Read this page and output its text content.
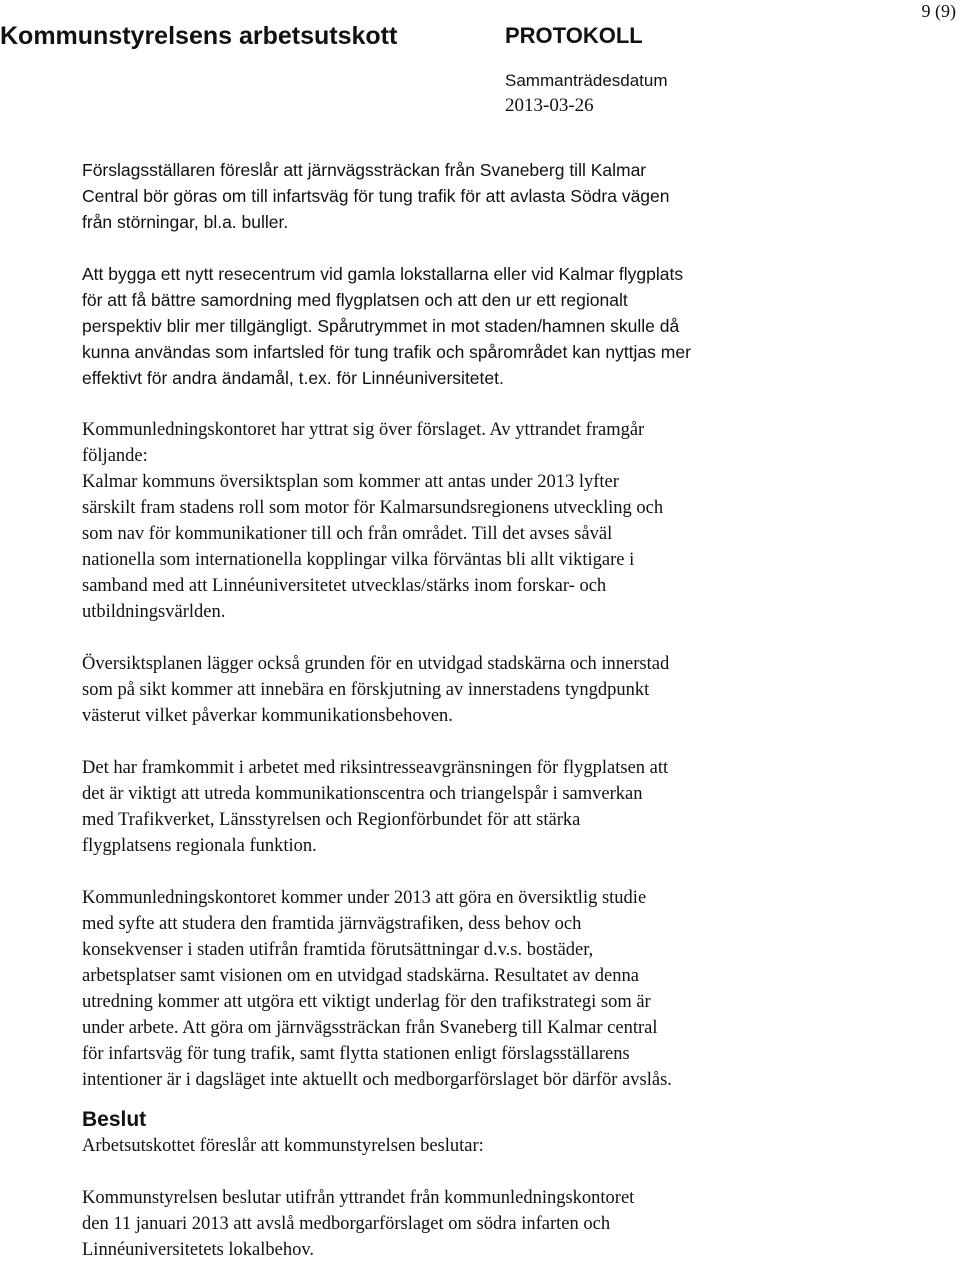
9 (9)
Kommunstyrelsens arbetsutskott	PROTOKOLL
Sammanträdesdatum
2013-03-26

Förslagsställaren föreslår att järnvägssträckan från Svaneberg till Kalmar
Central bör göras om till infartsväg för tung trafik för att avlasta Södra vägen
från störningar, bl.a. buller.

Att bygga ett nytt resecentrum vid gamla lokstallarna eller vid Kalmar flygplats
för att få bättre samordning med flygplatsen och att den ur ett regionalt
perspektiv blir mer tillgängligt. Spårutrymmet in mot staden/hamnen skulle då
kunna användas som infartsled för tung trafik och spårområdet kan nyttjas mer
effektivt för andra ändamål, t.ex. för Linnéuniversitetet.

Kommunledningskontoret har yttrat sig över förslaget. Av yttrandet framgår
följande:
Kalmar kommuns översiktsplan som kommer att antas under 2013 lyfter
särskilt fram stadens roll som motor för Kalmarsundsregionens utveckling och
som nav för kommunikationer till och från området. Till det avses såväl
nationella som internationella kopplingar vilka förväntas bli allt viktigare i
samband med att Linnéuniversitetet utvecklas/stärks inom forskar- och
utbildningsvärlden.

Översiktsplanen lägger också grunden för en utvidgad stadskärna och innerstad
som på sikt kommer att innebära en förskjutning av innerstadens tyngdpunkt
västerut vilket påverkar kommunikationsbehoven.

Det har framkommit i arbetet med riksintresseavgränsningen för flygplatsen att
det är viktigt att utreda kommunikationscentra och triangelspår i samverkan
med Trafikverket, Länsstyrelsen och Regionförbundet för att stärka
flygplatsens regionala funktion.

Kommunledningskontoret kommer under 2013 att göra en översiktlig studie
med syfte att studera den framtida järnvägstrafiken, dess behov och
konsekvenser i staden utifrån framtida förutsättningar d.v.s. bostäder,
arbetsplatser samt visionen om en utvidgad stadskärna. Resultatet av denna
utredning kommer att utgöra ett viktigt underlag för den trafikstrategi som är
under arbete. Att göra om järnvägssträckan från Svaneberg till Kalmar central
för infartsväg för tung trafik, samt flytta stationen enligt förslagsställarens
intentioner är i dagsläget inte aktuellt och medborgarförslaget bör därför avslås.

Beslut

Arbetsutskottet föreslår att kommunstyrelsen beslutar:

Kommunstyrelsen beslutar utifrån yttrandet från kommunledningskontoret
den 11 januari 2013 att avslå medborgarförslaget om södra infarten och
Linnéuniversitetets lokalbehov.
